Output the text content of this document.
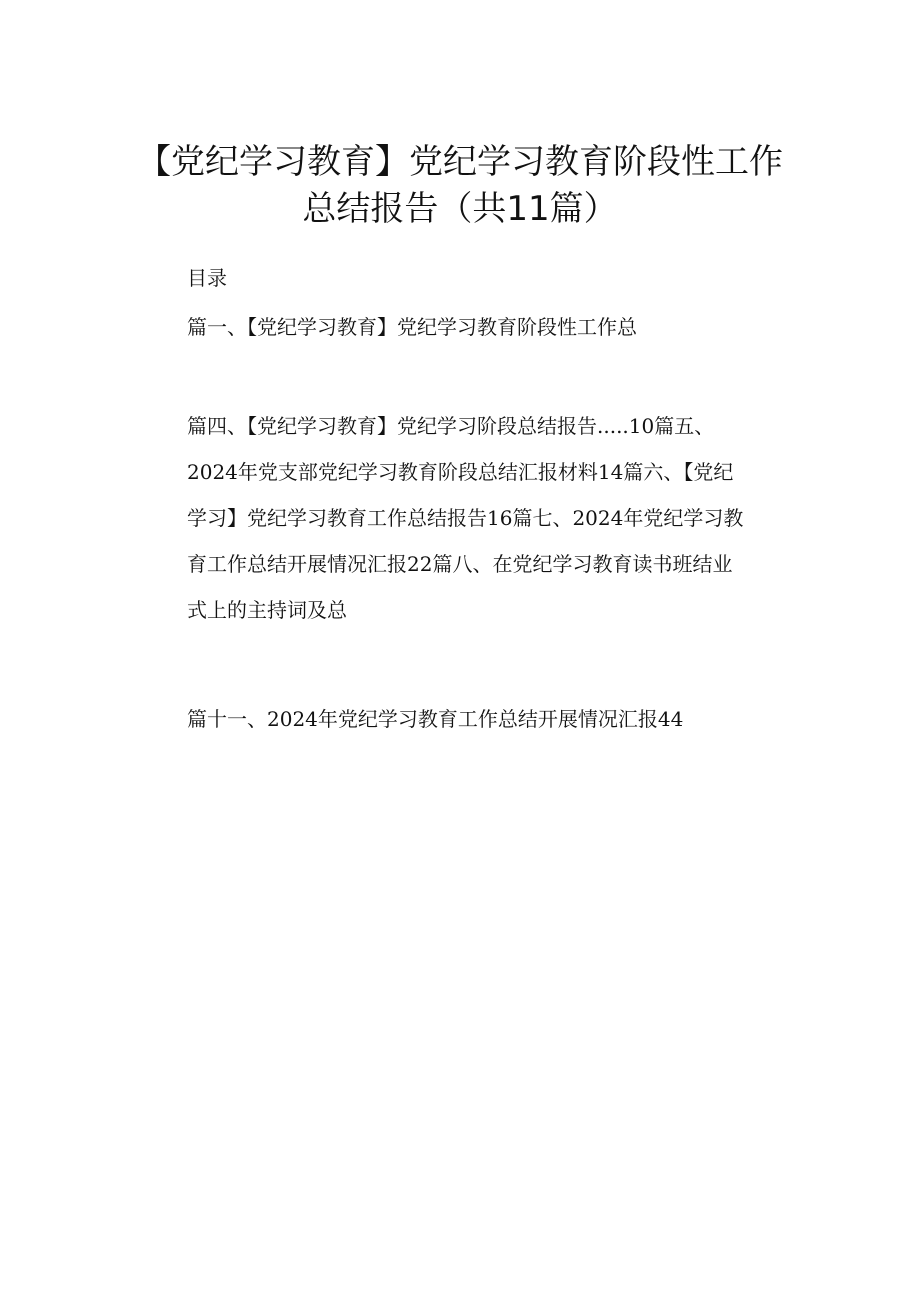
【党纪学习教育】党纪学习教育阶段性工作
总结报告（共11篇）
目录
篇一、【党纪学习教育】党纪学习教育阶段性工作总
篇四、【党纪学习教育】党纪学习阶段总结报告.....10篇五、
2024年党支部党纪学习教育阶段总结汇报材料14篇六、【党纪
学习】党纪学习教育工作总结报告16篇七、2024年党纪学习教
育工作总结开展情况汇报22篇八、在党纪学习教育读书班结业
式上的主持词及总
篇十一、2024年党纪学习教育工作总结开展情况汇报44
